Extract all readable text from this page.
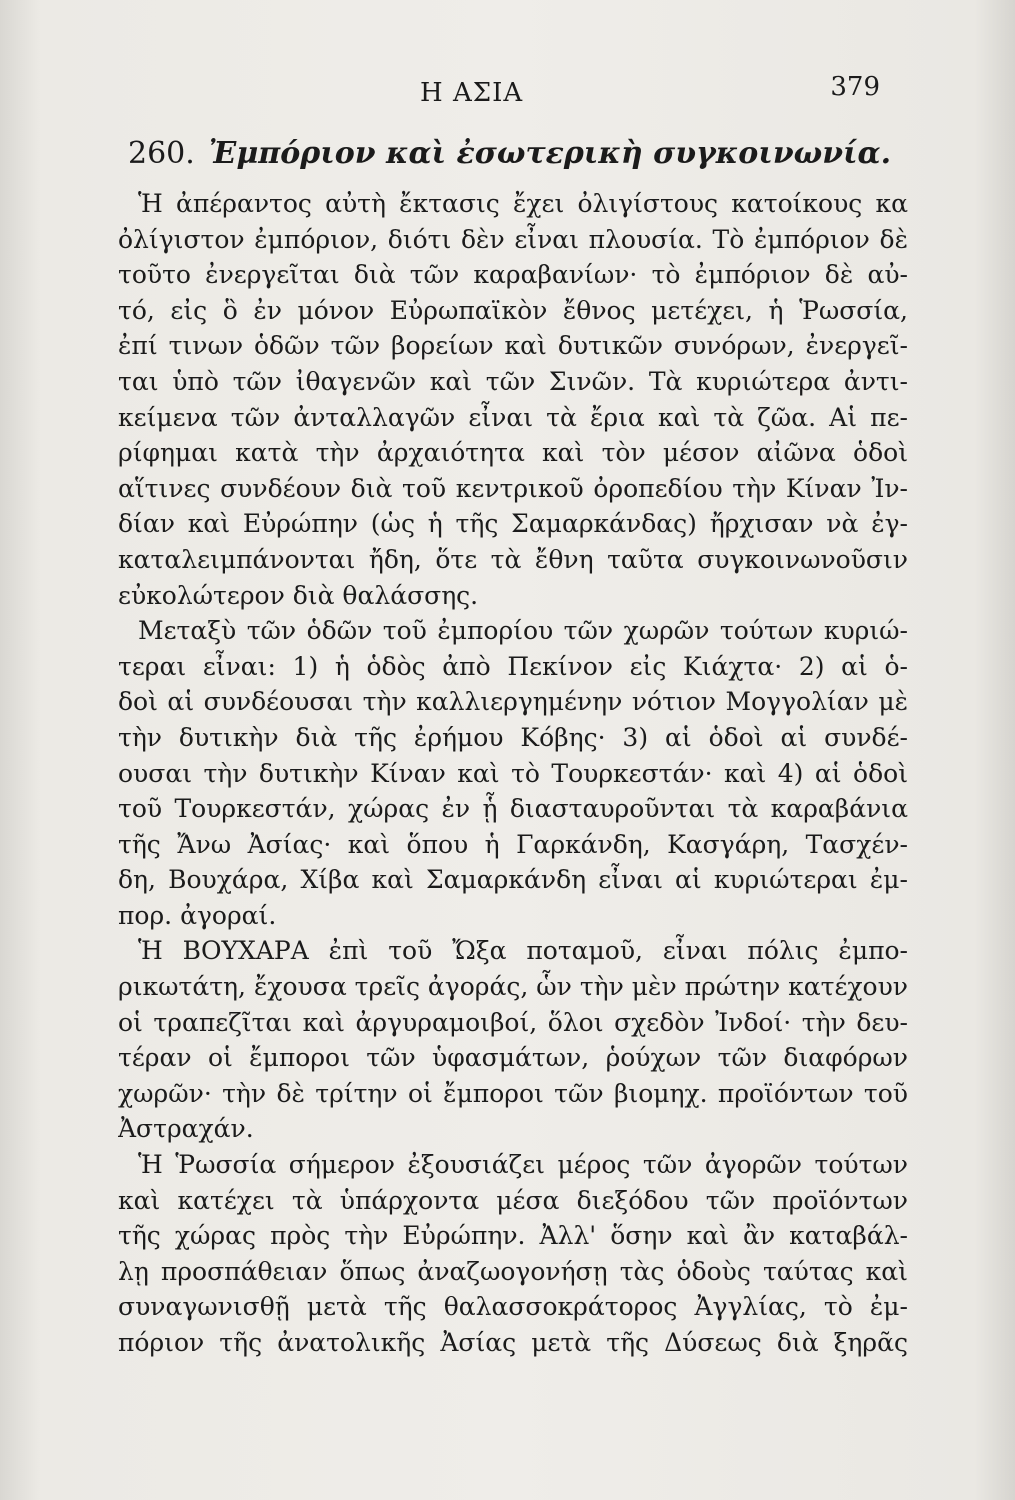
Η ΑΣΙΑ	379
260. Ἐμπόριον καὶ ἐσωτερικὴ συγκοινωνία.
Ἡ ἀπέραντος αὐτὴ ἔκτασις ἔχει ὀλιγίστους κατοίκους κα
ὀλίγιστον ἐμπόριον, διότι δὲν εἶναι πλουσία. Τὸ ἐμπόριον δὲ
τοῦτο ἐνεργεῖται διὰ τῶν καραβανίων· τὸ ἐμπόριον δὲ αὐ-
τό, εἰς ὃ ἐν μόνον Εὐρωπαϊκὸν ἔθνος μετέχει, ἡ Ῥωσσία,
ἐπί τινων ὁδῶν τῶν βορείων καὶ δυτικῶν συνόρων, ἐνεργεῖ-
ται ὑπὸ τῶν ἰθαγενῶν καὶ τῶν Σινῶν. Τὰ κυριώτερα ἀντι-
κείμενα τῶν ἀνταλλαγῶν εἶναι τὰ ἔρια καὶ τὰ ζῶα. Αἱ πε-
ρίφημαι κατὰ τὴν ἀρχαιότητα καὶ τὸν μέσον αἰῶνα ὁδοὶ
αἵτινες συνδέουν διὰ τοῦ κεντρικοῦ ὀροπεδίου τὴν Κίναν Ἰν-
δίαν καὶ Εὐρώπην (ὡς ἡ τῆς Σαμαρκάνδας) ἤρχισαν νὰ ἐγ-
καταλειμπάνονται ἤδη, ὅτε τὰ ἔθνη ταῦτα συγκοινωνοῦσιν
εὐκολώτερον διὰ θαλάσσης.
Μεταξὺ τῶν ὁδῶν τοῦ ἐμπορίου τῶν χωρῶν τούτων κυριώ-
τεραι εἶναι: 1) ἡ ὁδὸς ἀπὸ Πεκίνον εἰς Κιάχτα· 2) αἱ ὁ-
δοὶ αἱ συνδέουσαι τὴν καλλιεργημένην νότιον Μογγολίαν μὲ
τὴν δυτικὴν διὰ τῆς ἐρήμου Κόβης· 3) αἱ ὁδοὶ αἱ συνδέ-
ουσαι τὴν δυτικὴν Κίναν καὶ τὸ Τουρκεστάν· καὶ 4) αἱ ὁδοὶ
τοῦ Τουρκεστάν, χώρας ἐν ᾗ διασταυροῦνται τὰ καραβάνια
τῆς Ἄνω Ἀσίας· καὶ ὅπου ἡ Γαρκάνδη, Κασγάρη, Τασχέν-
δη, Βουχάρα, Χίβα καὶ Σαμαρκάνδη εἶναι αἱ κυριώτεραι ἐμ-
πορ. ἀγοραί.
Ἡ ΒΟΥΧΑΡΑ ἐπὶ τοῦ Ὤξα ποταμοῦ, εἶναι πόλις ἐμπο-
ρικωτάτη, ἔχουσα τρεῖς ἀγοράς, ὧν τὴν μὲν πρώτην κατέχουν
οἱ τραπεζῖται καὶ ἀργυραμοιβοί, ὅλοι σχεδὸν Ἰνδοί· τὴν δευ-
τέραν οἱ ἔμποροι τῶν ὑφασμάτων, ῥούχων τῶν διαφόρων
χωρῶν· τὴν δὲ τρίτην οἱ ἔμποροι τῶν βιομηχ. προϊόντων τοῦ
Ἀστραχάν.
Ἡ Ῥωσσία σήμερον ἐξουσιάζει μέρος τῶν ἀγορῶν τούτων
καὶ κατέχει τὰ ὑπάρχοντα μέσα διεξόδου τῶν προϊόντων
τῆς χώρας πρὸς τὴν Εὐρώπην. Ἀλλ' ὅσην καὶ ἂν καταβάλ-
λῃ προσπάθειαν ὅπως ἀναζωογονήσῃ τὰς ὁδοὺς ταύτας καὶ
συναγωνισθῇ μετὰ τῆς θαλασσοκράτορος Ἀγγλίας, τὸ ἐμ-
πόριον τῆς ἀνατολικῆς Ἀσίας μετὰ τῆς Δύσεως διὰ ξηρᾶς
